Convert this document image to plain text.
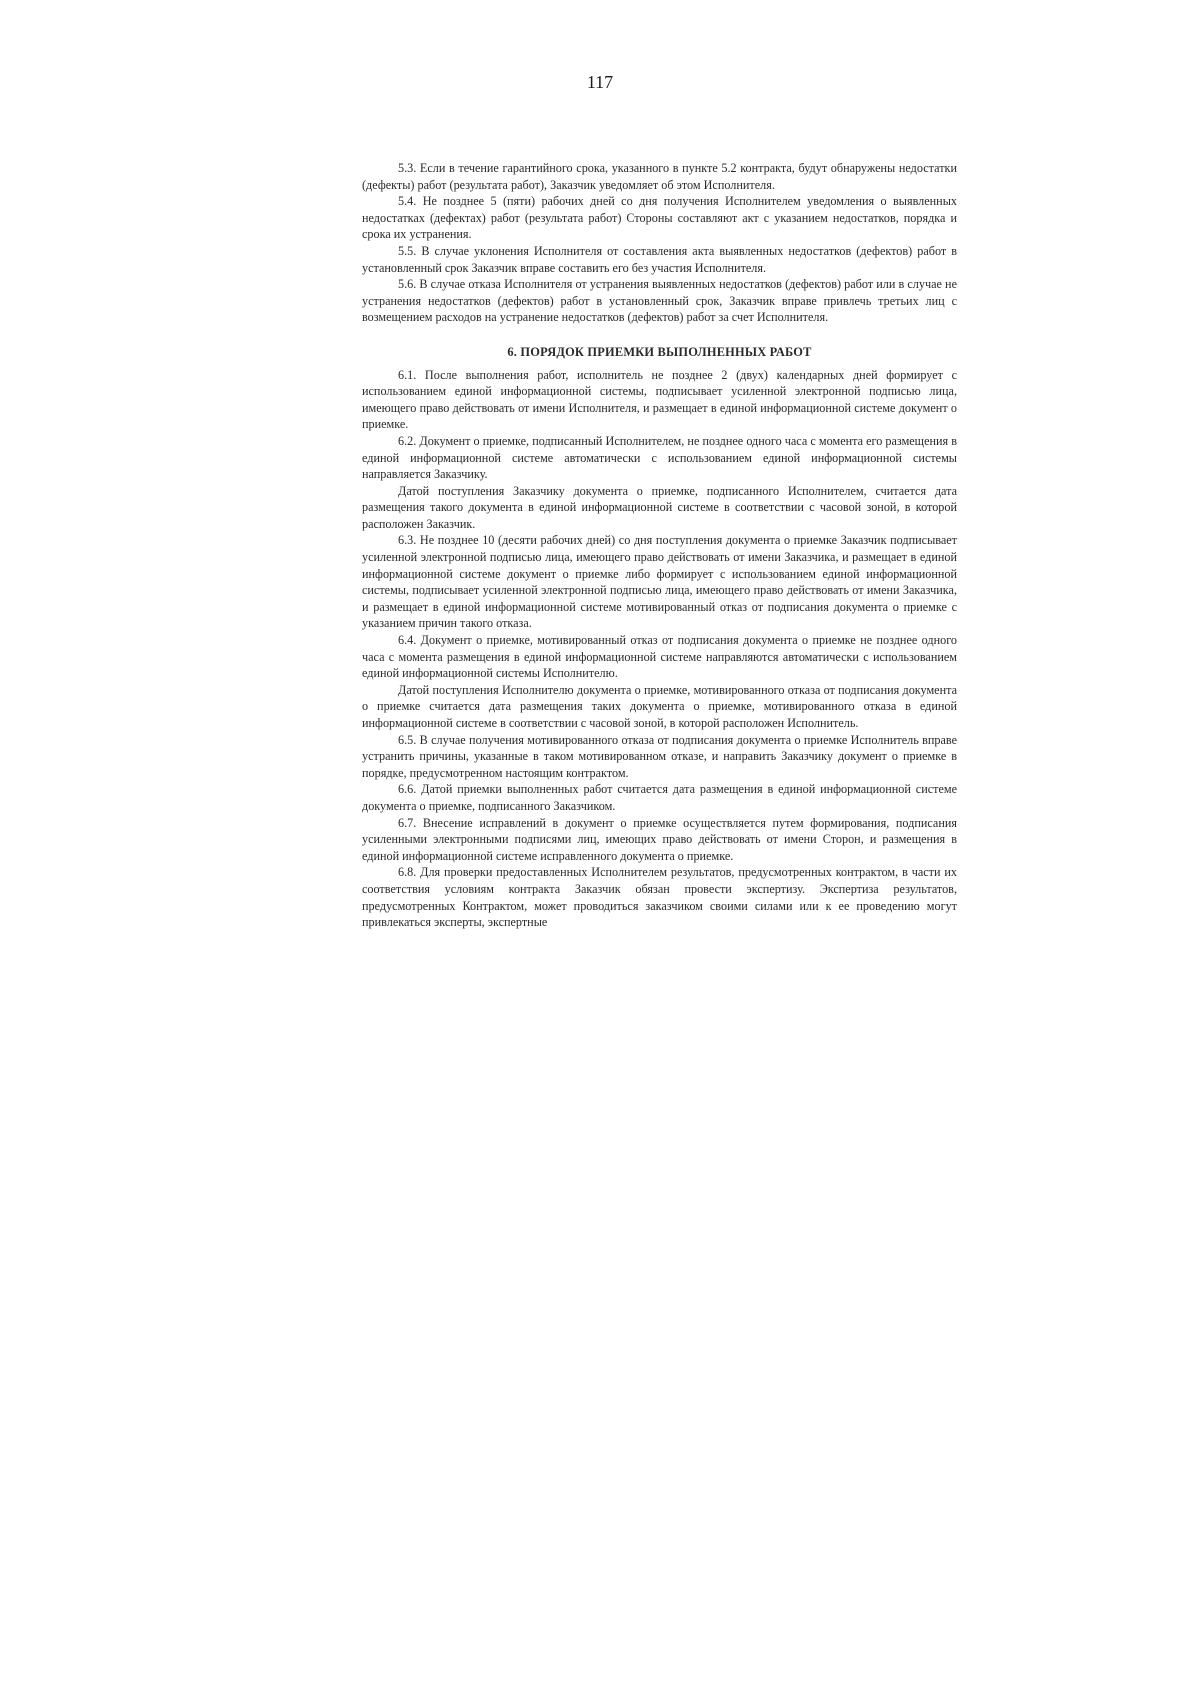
117

5.3. Если в течение гарантийного срока, указанного в пункте 5.2 контракта, будут обнаружены недостатки (дефекты) работ (результата работ), Заказчик уведомляет об этом Исполнителя.

5.4. Не позднее 5 (пяти) рабочих дней со дня получения Исполнителем уведомления о выявленных недостатках (дефектах) работ (результата работ) Стороны составляют акт с указанием недостатков, порядка и срока их устранения.

5.5. В случае уклонения Исполнителя от составления акта выявленных недостатков (дефектов) работ в установленный срок Заказчик вправе составить его без участия Исполнителя.

5.6. В случае отказа Исполнителя от устранения выявленных недостатков (дефектов) работ или в случае не устранения недостатков (дефектов) работ в установленный срок, Заказчик вправе привлечь третьих лиц с возмещением расходов на устранение недостатков (дефектов) работ за счет Исполнителя.

6. ПОРЯДОК ПРИЕМКИ ВЫПОЛНЕННЫХ РАБОТ

6.1. После выполнения работ, исполнитель не позднее 2 (двух) календарных дней формирует с использованием единой информационной системы, подписывает усиленной электронной подписью лица, имеющего право действовать от имени Исполнителя, и размещает в единой информационной системе документ о приемке.

6.2. Документ о приемке, подписанный Исполнителем, не позднее одного часа с момента его размещения в единой информационной системе автоматически с использованием единой информационной системы направляется Заказчику.

Датой поступления Заказчику документа о приемке, подписанного Исполнителем, считается дата размещения такого документа в единой информационной системе в соответствии с часовой зоной, в которой расположен Заказчик.

6.3. Не позднее 10 (десяти рабочих дней) со дня поступления документа о приемке Заказчик подписывает усиленной электронной подписью лица, имеющего право действовать от имени Заказчика, и размещает в единой информационной системе документ о приемке либо формирует с использованием единой информационной системы, подписывает усиленной электронной подписью лица, имеющего право действовать от имени Заказчика, и размещает в единой информационной системе мотивированный отказ от подписания документа о приемке с указанием причин такого отказа.

6.4. Документ о приемке, мотивированный отказ от подписания документа о приемке не позднее одного часа с момента размещения в единой информационной системе направляются автоматически с использованием единой информационной системы Исполнителю.

Датой поступления Исполнителю документа о приемке, мотивированного отказа от подписания документа о приемке считается дата размещения таких документа о приемке, мотивированного отказа в единой информационной системе в соответствии с часовой зоной, в которой расположен Исполнитель.

6.5. В случае получения мотивированного отказа от подписания документа о приемке Исполнитель вправе устранить причины, указанные в таком мотивированном отказе, и направить Заказчику документ о приемке в порядке, предусмотренном настоящим контрактом.

6.6. Датой приемки выполненных работ считается дата размещения в единой информационной системе документа о приемке, подписанного Заказчиком.

6.7. Внесение исправлений в документ о приемке осуществляется путем формирования, подписания усиленными электронными подписями лиц, имеющих право действовать от имени Сторон, и размещения в единой информационной системе исправленного документа о приемке.

6.8. Для проверки предоставленных Исполнителем результатов, предусмотренных контрактом, в части их соответствия условиям контракта Заказчик обязан провести экспертизу. Экспертиза результатов, предусмотренных Контрактом, может проводиться заказчиком своими силами или к ее проведению могут привлекаться эксперты, экспертные
